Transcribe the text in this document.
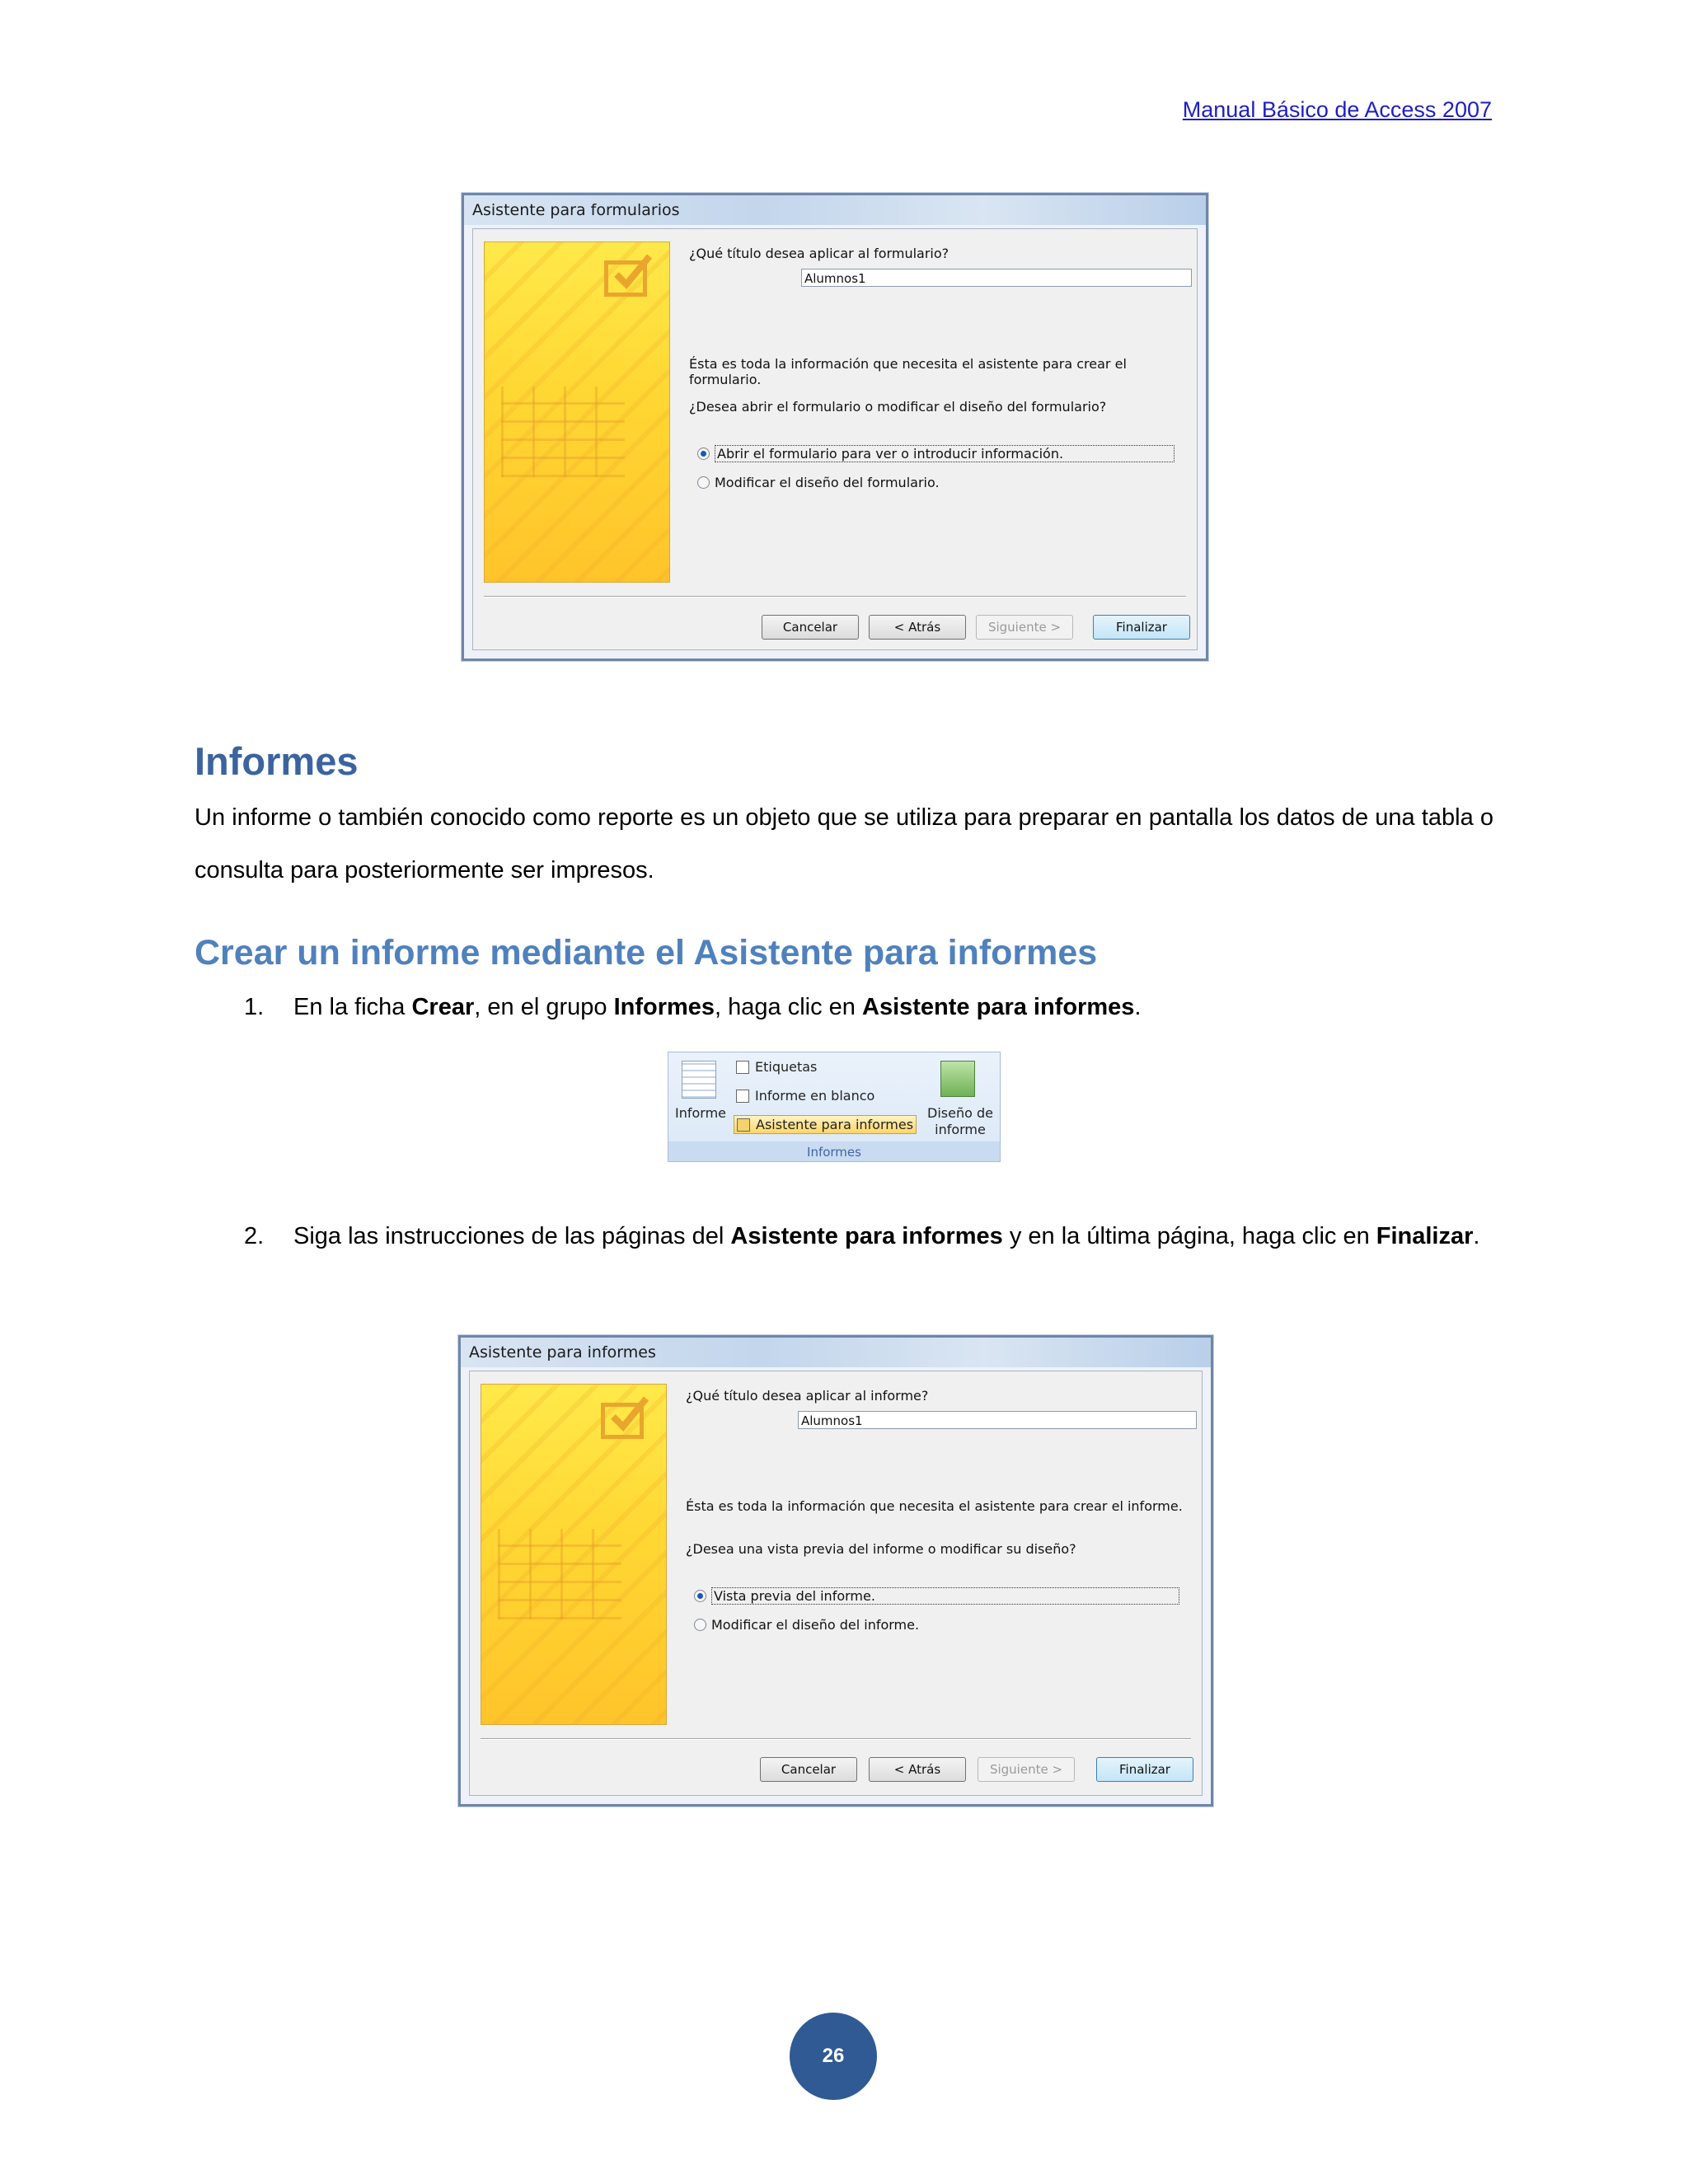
Manual Básico de Access 2007
Asistente para formularios
¿Qué título desea aplicar al formulario?
Alumnos1
Ésta es toda la información que necesita el asistente para crear el formulario.
¿Desea abrir el formulario o modificar el diseño del formulario?
Abrir el formulario para ver o introducir información.
Modificar el diseño del formulario.
Cancelar	< Atrás	Siguiente >	Finalizar
Informes

Un informe o también conocido como reporte es un objeto que se utiliza para preparar en pantalla los datos de una tabla o consulta para posteriormente ser impresos.

Crear un informe mediante el Asistente para informes
1. En la ficha Crear, en el grupo Informes, haga clic en Asistente para informes.
Informe
Etiquetas
Informe en blanco
Asistente para informes
Diseño de informe
Informes
2. Siga las instrucciones de las páginas del Asistente para informes y en la última página, haga clic en Finalizar.
Asistente para informes
¿Qué título desea aplicar al informe?
Alumnos1
Ésta es toda la información que necesita el asistente para crear el informe.
¿Desea una vista previa del informe o modificar su diseño?
Vista previa del informe.
Modificar el diseño del informe.
Cancelar	< Atrás	Siguiente >	Finalizar
26
